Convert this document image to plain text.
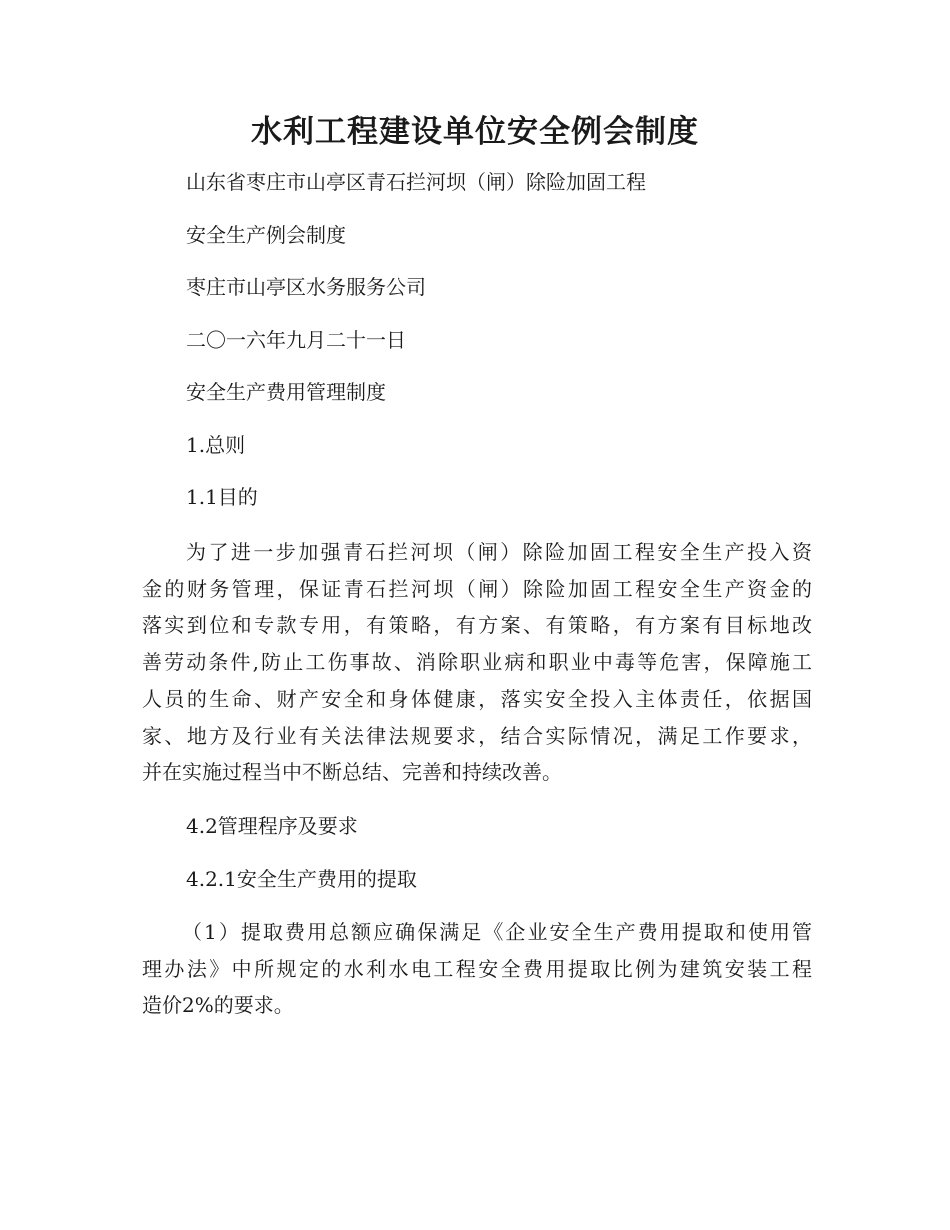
水利工程建设单位安全例会制度

山东省枣庄市山亭区青石拦河坝（闸）除险加固工程

安全生产例会制度

枣庄市山亭区水务服务公司

二〇一六年九月二十一日

安全生产费用管理制度

1.总则

1.1目的

为了进一步加强青石拦河坝（闸）除险加固工程安全生产投入资
金的财务管理，保证青石拦河坝（闸）除险加固工程安全生产资金的
落实到位和专款专用，有策略，有方案、有策略，有方案有目标地改
善劳动条件,防止工伤事故、消除职业病和职业中毒等危害，保障施工
人员的生命、财产安全和身体健康，落实安全投入主体责任，依据国
家、地方及行业有关法律法规要求，结合实际情况，满足工作要求，
并在实施过程当中不断总结、完善和持续改善。

4.2管理程序及要求

4.2.1安全生产费用的提取

（1）提取费用总额应确保满足《企业安全生产费用提取和使用管
理办法》中所规定的水利水电工程安全费用提取比例为建筑安装工程
造价2%的要求。
